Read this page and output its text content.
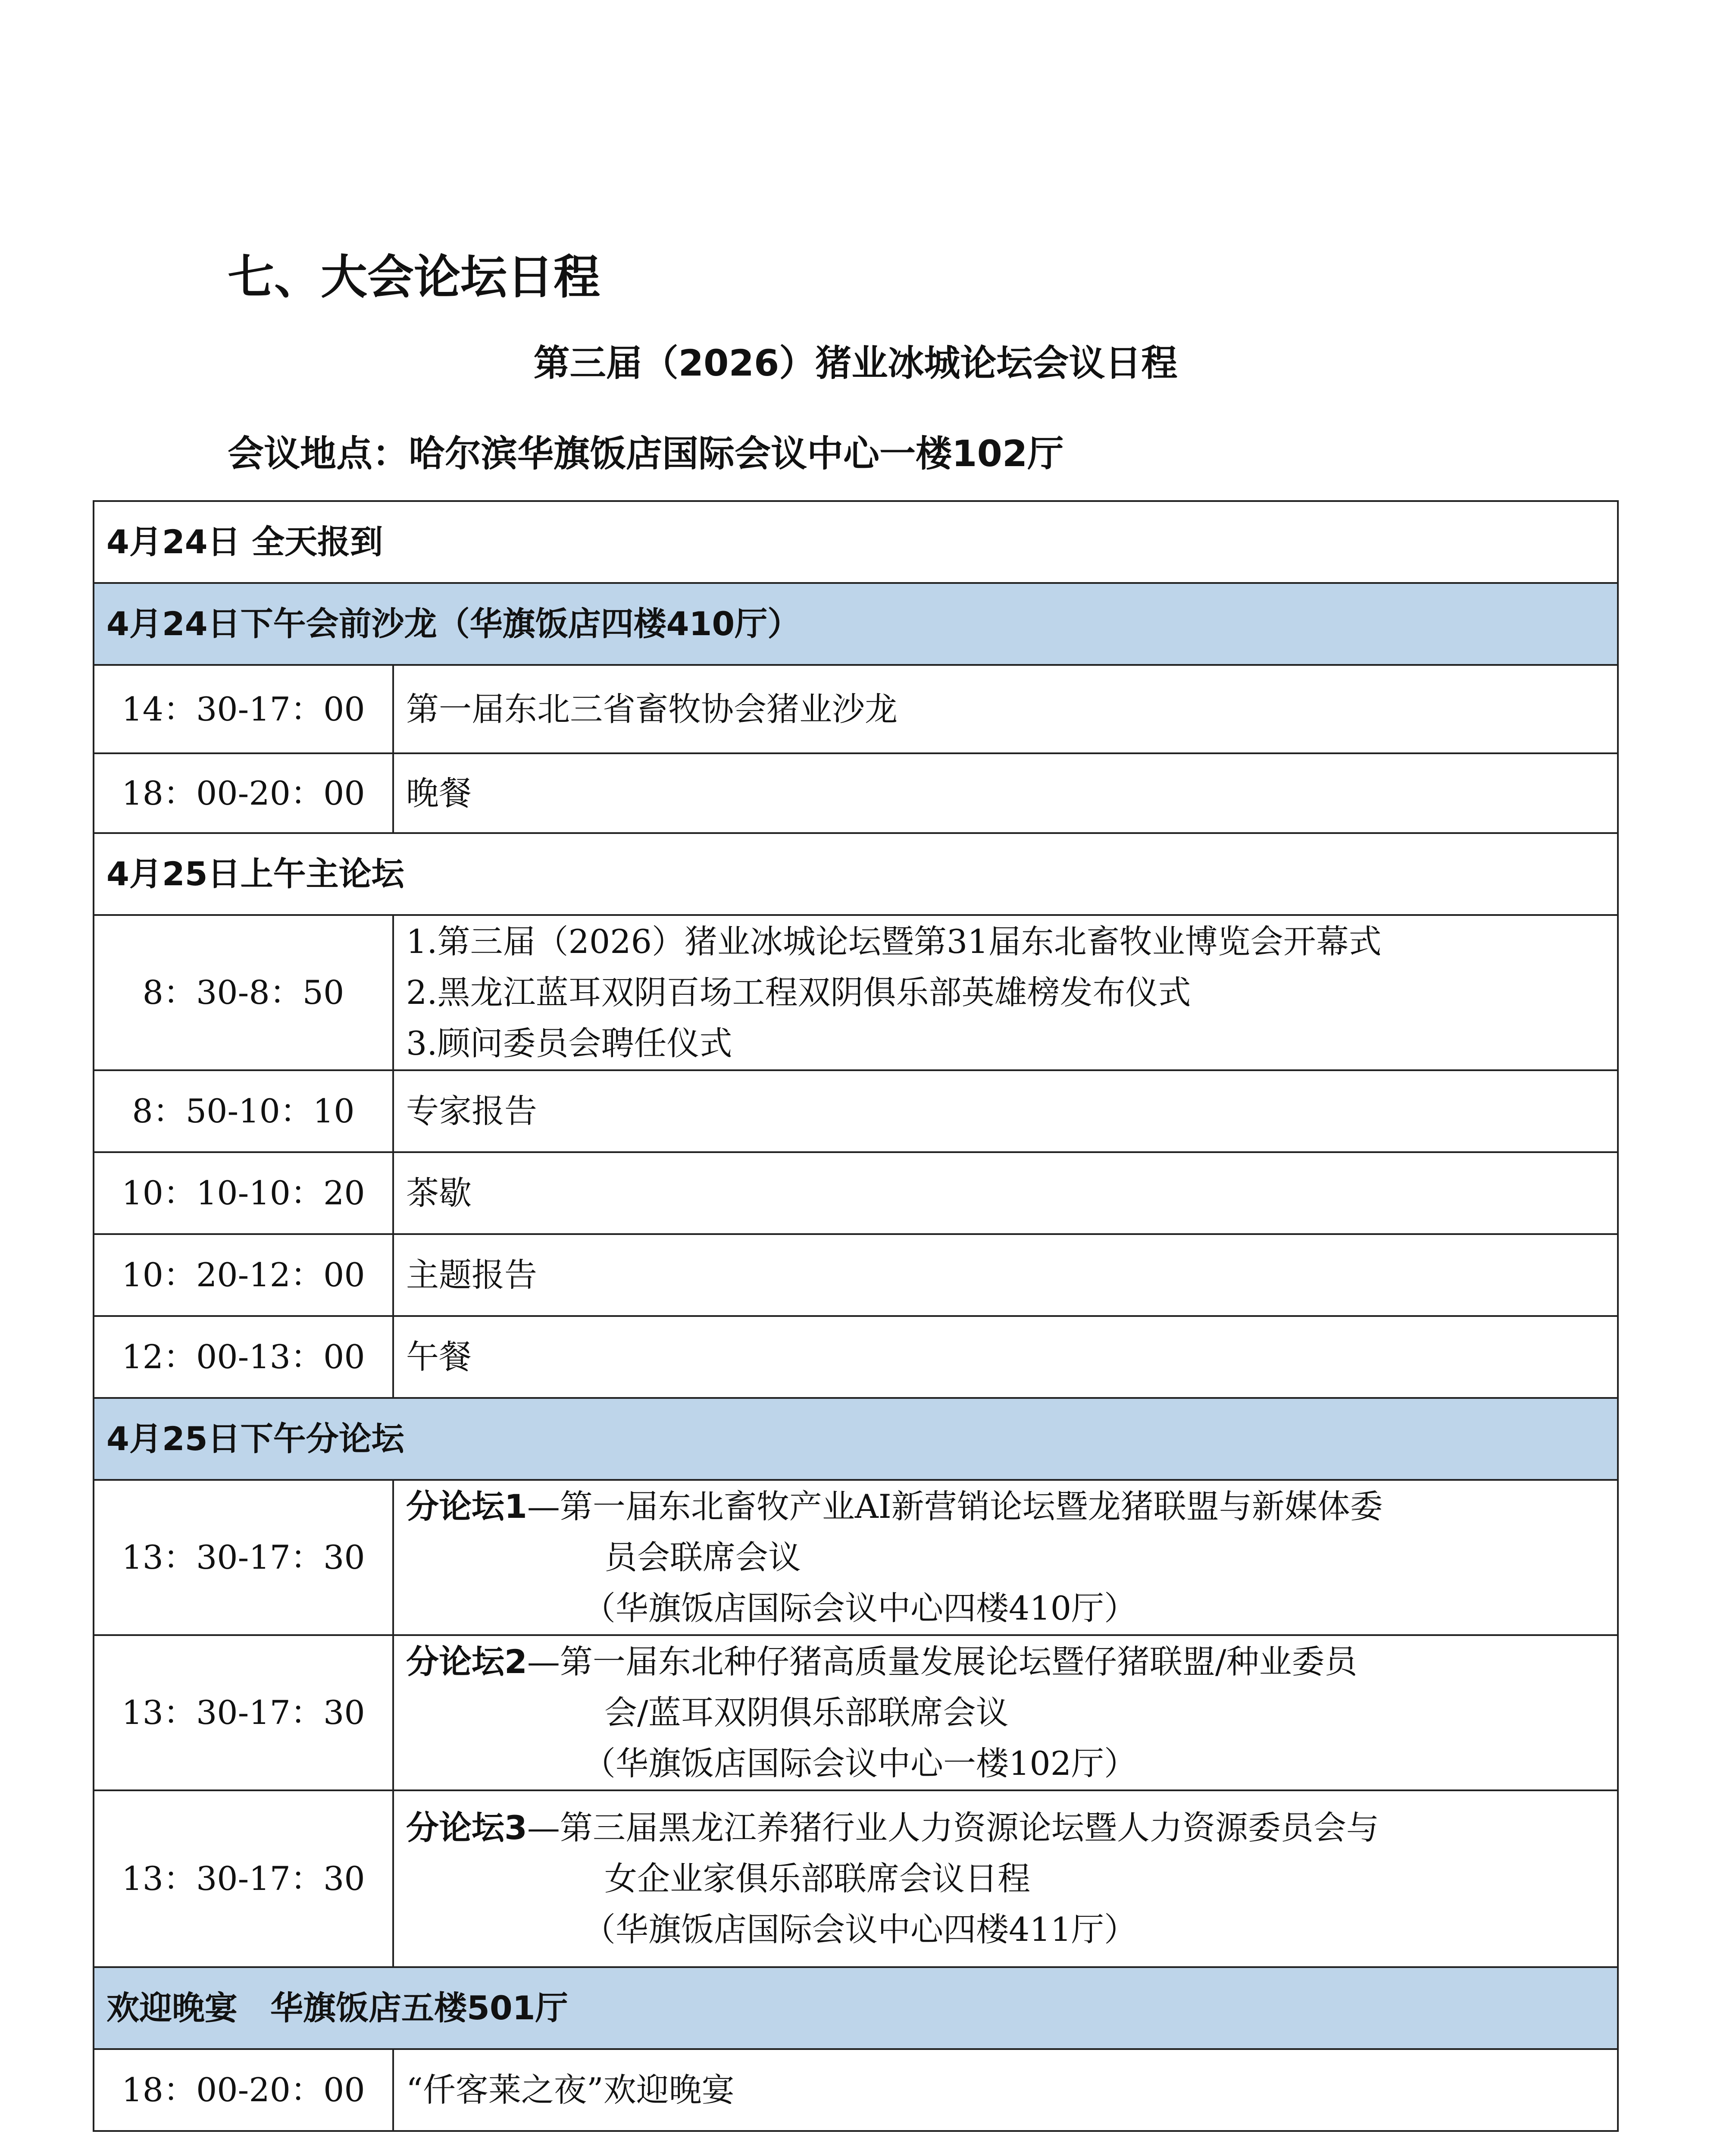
七、大会论坛日程
第三届（2026）猪业冰城论坛会议日程
会议地点：哈尔滨华旗饭店国际会议中心一楼102厅
4月24日 全天报到	
4月24日下午会前沙龙（华旗饭店四楼410厅）	
14：30-17：00	第一届东北三省畜牧协会猪业沙龙
18：00-20：00	晚餐
4月25日上午主论坛	
8：30-8：50	1.第三届（2026）猪业冰城论坛暨第31届东北畜牧业博览会开幕式
2.黑龙江蓝耳双阴百场工程双阴俱乐部英雄榜发布仪式
3.顾问委员会聘任仪式

8：50-10：10	专家报告
10：10-10：20	茶歇
10：20-12：00	主题报告
12：00-13：00	午餐
4月25日下午分论坛	
13：30-17：30	分论坛1—第一届东北畜牧产业AI新营销论坛暨龙猪联盟与新媒体委
员会联席会议
（华旗饭店国际会议中心四楼410厅）

13：30-17：30	分论坛2—第一届东北种仔猪高质量发展论坛暨仔猪联盟/种业委员
会/蓝耳双阴俱乐部联席会议
（华旗饭店国际会议中心一楼102厅）

13：30-17：30	分论坛3—第三届黑龙江养猪行业人力资源论坛暨人力资源委员会与
女企业家俱乐部联席会议日程
（华旗饭店国际会议中心四楼411厅）

欢迎晚宴　华旗饭店五楼501厅	
18：00-20：00	“仟客莱之夜”欢迎晚宴
